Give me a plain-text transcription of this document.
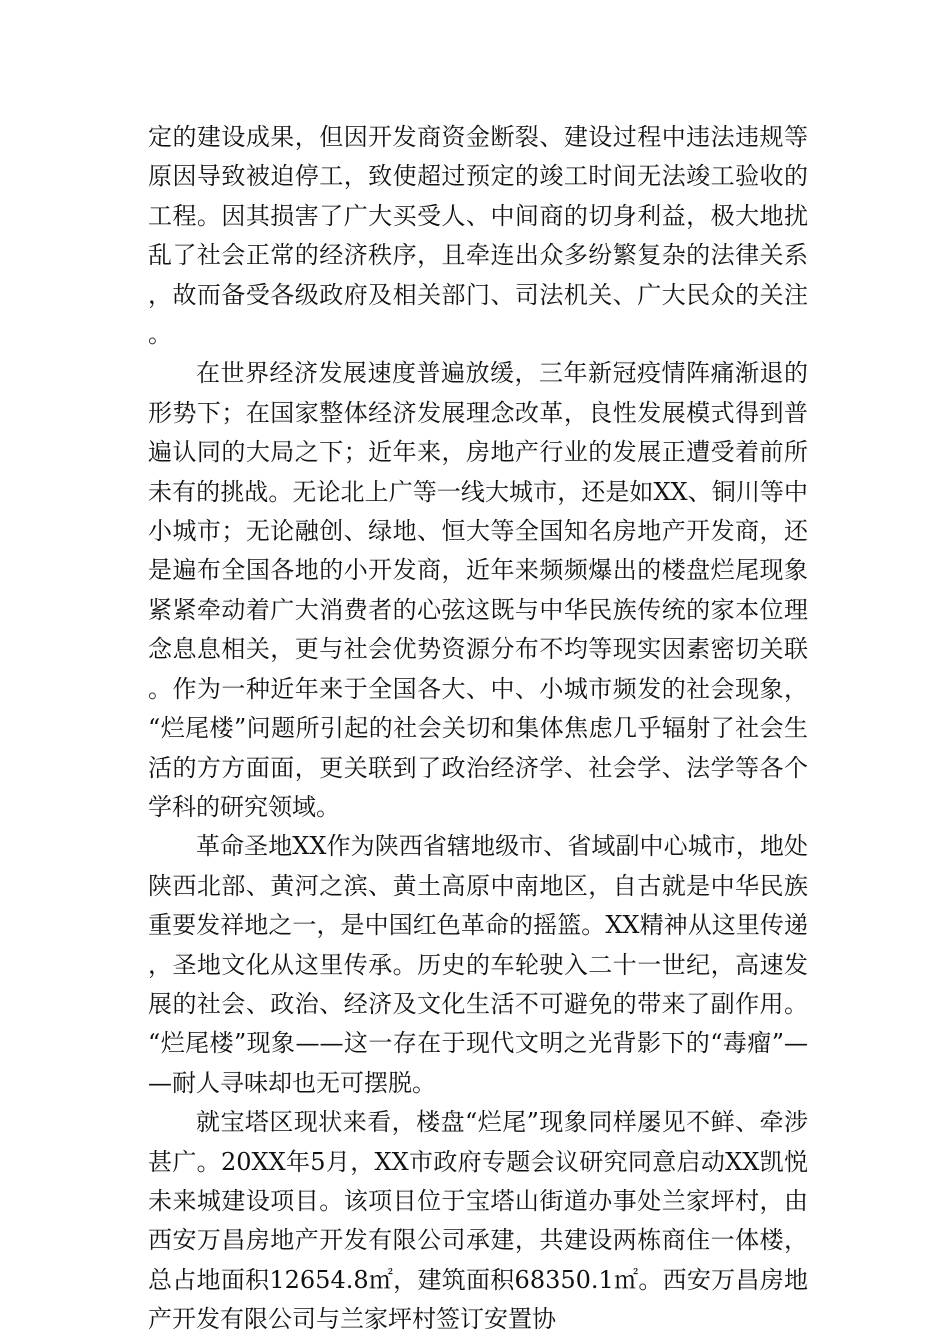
定的建设成果，但因开发商资金断裂、建设过程中违法违规等原因导致被迫停工，致使超过预定的竣工时间无法竣工验收的工程。因其损害了广大买受人、中间商的切身利益，极大地扰乱了社会正常的经济秩序，且牵连出众多纷繁复杂的法律关系，故而备受各级政府及相关部门、司法机关、广大民众的关注。

在世界经济发展速度普遍放缓，三年新冠疫情阵痛渐退的形势下；在国家整体经济发展理念改革，良性发展模式得到普遍认同的大局之下；近年来，房地产行业的发展正遭受着前所未有的挑战。无论北上广等一线大城市，还是如XX、铜川等中小城市；无论融创、绿地、恒大等全国知名房地产开发商，还是遍布全国各地的小开发商，近年来频频爆出的楼盘烂尾现象紧紧牵动着广大消费者的心弦这既与中华民族传统的家本位理念息息相关，更与社会优势资源分布不均等现实因素密切关联。作为一种近年来于全国各大、中、小城市频发的社会现象，“烂尾楼”问题所引起的社会关切和集体焦虑几乎辐射了社会生活的方方面面，更关联到了政治经济学、社会学、法学等各个学科的研究领域。

革命圣地XX作为陕西省辖地级市、省域副中心城市，地处陕西北部、黄河之滨、黄土高原中南地区，自古就是中华民族重要发祥地之一，是中国红色革命的摇篮。XX精神从这里传递，圣地文化从这里传承。历史的车轮驶入二十一世纪，高速发展的社会、政治、经济及文化生活不可避免的带来了副作用。“烂尾楼”现象——这一存在于现代文明之光背影下的“毒瘤”——耐人寻味却也无可摆脱。

就宝塔区现状来看，楼盘“烂尾”现象同样屡见不鲜、牵涉甚广。20XX年5月，XX市政府专题会议研究同意启动XX凯悦未来城建设项目。该项目位于宝塔山街道办事处兰家坪村，由西安万昌房地产开发有限公司承建，共建设两栋商住一体楼，总占地面积12654.8㎡，建筑面积68350.1㎡。西安万昌房地产开发有限公司与兰家坪村签订安置协
